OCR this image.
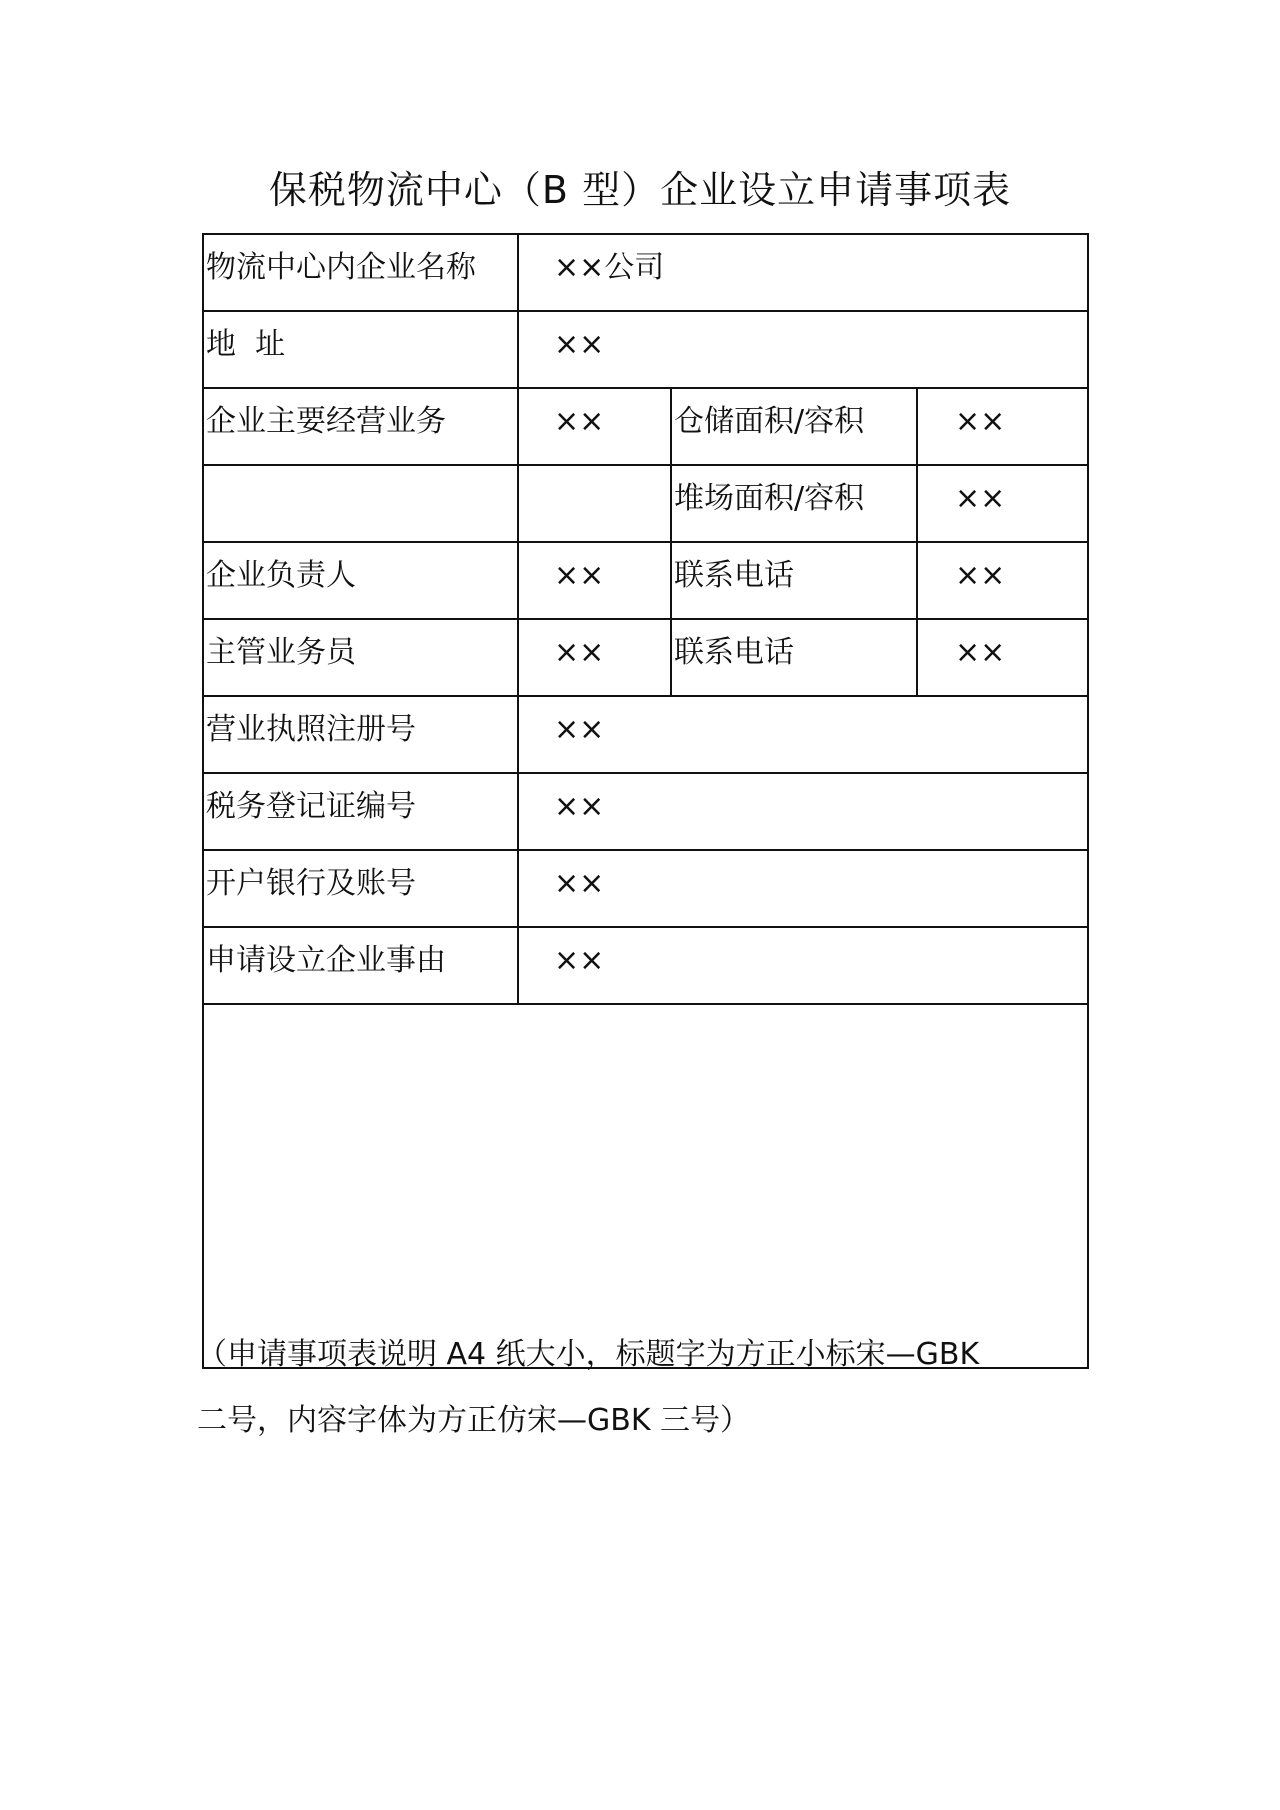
保税物流中心（B 型）企业设立申请事项表
物流中心内企业名称	××公司		
地  址	××		
企业主要经营业务	××	仓储面积/容积	××
		堆场面积/容积	××
企业负责人	××	联系电话	××
主管业务员	××	联系电话	××
营业执照注册号	××		
税务登记证编号	××		
开户银行及账号	××		
申请设立企业事由	××		

（申请事项表说明 A4 纸大小，标题字为方正小标宋—GBK
二号，内容字体为方正仿宋—GBK 三号）
